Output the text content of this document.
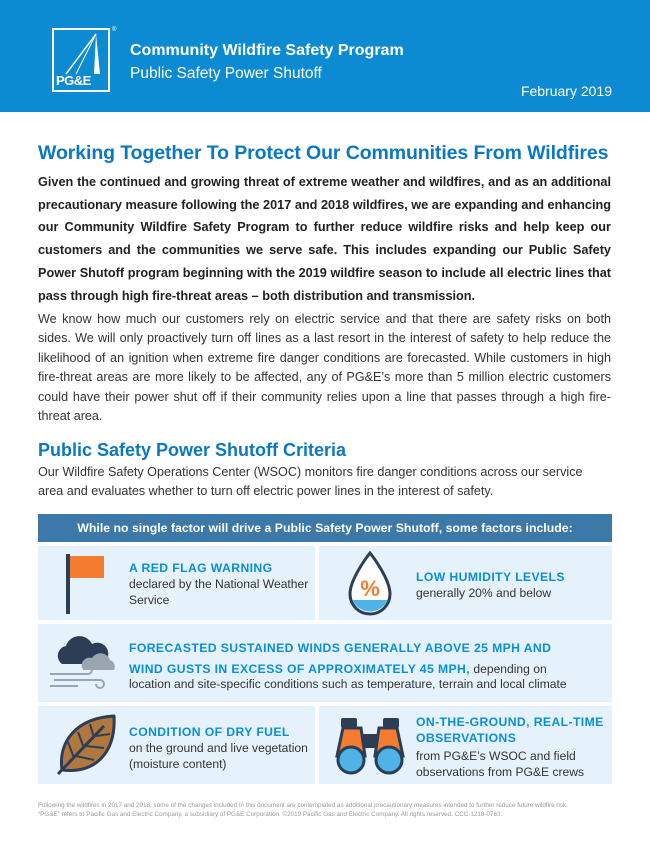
PG&E
®
Community Wildfire Safety Program
Public Safety Power Shutoff
February 2019
Working Together To Protect Our Communities From Wildfires
Given the continued and growing threat of extreme weather and wildfires, and as an additional precautionary measure following the 2017 and 2018 wildfires, we are expanding and enhancing our Community Wildfire Safety Program to further reduce wildfire risks and help keep our customers and the communities we serve safe. This includes expanding our Public Safety Power Shutoff program beginning with the 2019 wildfire season to include all electric lines that pass through high fire-threat areas – both distribution and transmission.
We know how much our customers rely on electric service and that there are safety risks on both sides. We will only proactively turn off lines as a last resort in the interest of safety to help reduce the likelihood of an ignition when extreme fire danger conditions are forecasted. While customers in high fire-threat areas are more likely to be affected, any of PG&E’s more than 5 million electric customers could have their power shut off if their community relies upon a line that passes through a high fire-threat area.
Public Safety Power Shutoff Criteria
Our Wildfire Safety Operations Center (WSOC) monitors fire danger conditions across our service area and evaluates whether to turn off electric power lines in the interest of safety.
While no single factor will drive a Public Safety Power Shutoff, some factors include:
A RED FLAG WARNING
declared by the National Weather Service	%	LOW HUMIDITY LEVELS
generally 20% and below
FORECASTED SUSTAINED WINDS GENERALLY ABOVE 25 MPH AND
WIND GUSTS IN EXCESS OF APPROXIMATELY 45 MPH, depending on
location and site-specific conditions such as temperature, terrain and local climate
CONDITION OF DRY FUEL
on the ground and live vegetation (moisture content)
ON-THE-GROUND, REAL-TIME OBSERVATIONS
from PG&E’s WSOC and field observations from PG&E crews
Following the wildfires in 2017 and 2018, some of the changes included in this document are contemplated as additional precautionary measures intended to further reduce future wildfire risk.
“PG&E” refers to Pacific Gas and Electric Company, a subsidiary of PG&E Corporation. ©2019 Pacific Gas and Electric Company. All rights reserved. CCC-1218-0763.
